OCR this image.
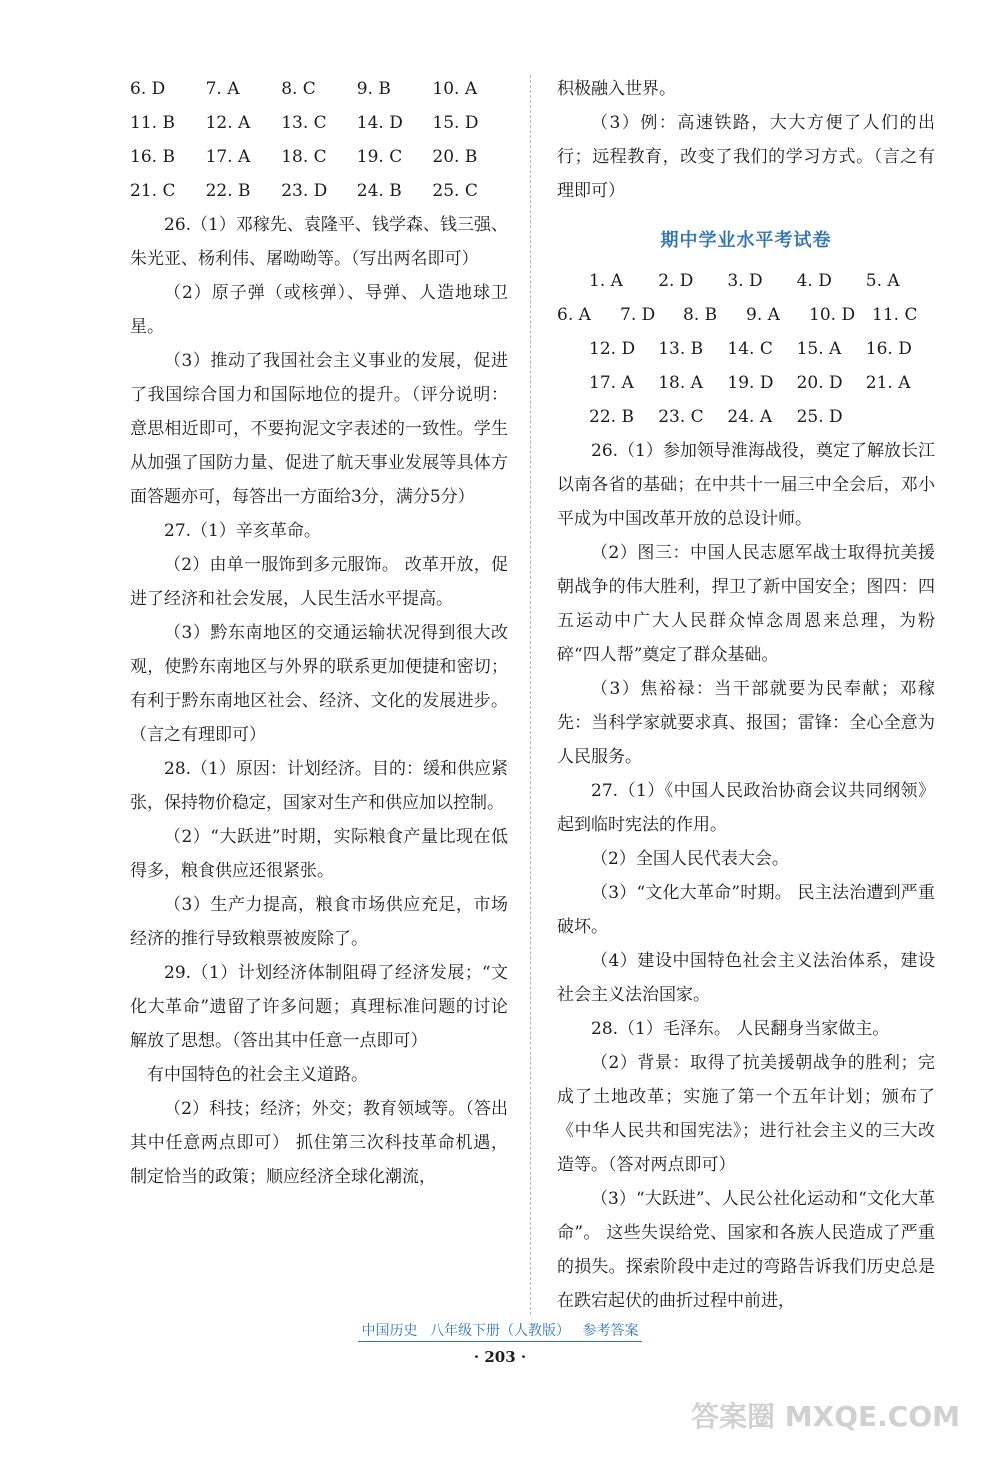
6. D	7. A	8. C	9. B	10. A
11. B	12. A	13. C	14. D	15. D
16. B	17. A	18. C	19. C	20. B
21. C	22. B	23. D	24. B	25. C

26.（1）邓稼先、袁隆平、钱学森、钱三强、朱光亚、杨利伟、屠呦呦等。（写出两名即可）

（2）原子弹（或核弹）、导弹、人造地球卫星。

（3）推动了我国社会主义事业的发展，促进了我国综合国力和国际地位的提升。（评分说明：意思相近即可，不要拘泥文字表述的一致性。学生从加强了国防力量、促进了航天事业发展等具体方面答题亦可，每答出一方面给3分，满分5分）

27.（1）辛亥革命。

（2）由单一服饰到多元服饰。 改革开放，促进了经济和社会发展，人民生活水平提高。

（3）黔东南地区的交通运输状况得到很大改观，使黔东南地区与外界的联系更加便捷和密切；有利于黔东南地区社会、经济、文化的发展进步。（言之有理即可）

28.（1）原因：计划经济。目的：缓和供应紧张，保持物价稳定，国家对生产和供应加以控制。

（2）“大跃进”时期，实际粮食产量比现在低得多，粮食供应还很紧张。

（3）生产力提高，粮食市场供应充足，市场经济的推行导致粮票被废除了。

29.（1）计划经济体制阻碍了经济发展；“文化大革命”遗留了许多问题；真理标准问题的讨论解放了思想。（答出其中任意一点即可）

有中国特色的社会主义道路。

（2）科技；经济；外交；教育领域等。（答出其中任意两点即可） 抓住第三次科技革命机遇，制定恰当的政策；顺应经济全球化潮流，

积极融入世界。

（3）例：高速铁路，大大方便了人们的出行；远程教育，改变了我们的学习方式。（言之有理即可）

期中学业水平考试卷
1. A	2. D	3. D	4. D	5. A
6. A	7. D	8. B	9. A	10. D 11. C
12. D	13. B	14. C	15. A	16. D
17. A	18. A	19. D	20. D	21. A
22. B	23. C	24. A	25. D

26.（1）参加领导淮海战役，奠定了解放长江以南各省的基础；在中共十一届三中全会后，邓小平成为中国改革开放的总设计师。

（2）图三：中国人民志愿军战士取得抗美援朝战争的伟大胜利，捍卫了新中国安全；图四：四五运动中广大人民群众悼念周恩来总理，为粉碎“四人帮”奠定了群众基础。

（3）焦裕禄：当干部就要为民奉献；邓稼先：当科学家就要求真、报国；雷锋：全心全意为人民服务。

27.（1）《中国人民政治协商会议共同纲领》起到临时宪法的作用。

（2）全国人民代表大会。

（3）“文化大革命”时期。 民主法治遭到严重破坏。

（4）建设中国特色社会主义法治体系，建设社会主义法治国家。

28.（1）毛泽东。 人民翻身当家做主。

（2）背景：取得了抗美援朝战争的胜利；完成了土地改革；实施了第一个五年计划；颁布了《中华人民共和国宪法》；进行社会主义的三大改造等。（答对两点即可）

（3）“大跃进”、人民公社化运动和“文化大革命”。 这些失误给党、国家和各族人民造成了严重的损失。探索阶段中走过的弯路告诉我们历史总是在跌宕起伏的曲折过程中前进，

中国历史 八年级下册（人教版） 参考答案
· 203 ·
答案圈 MXQE.COM
